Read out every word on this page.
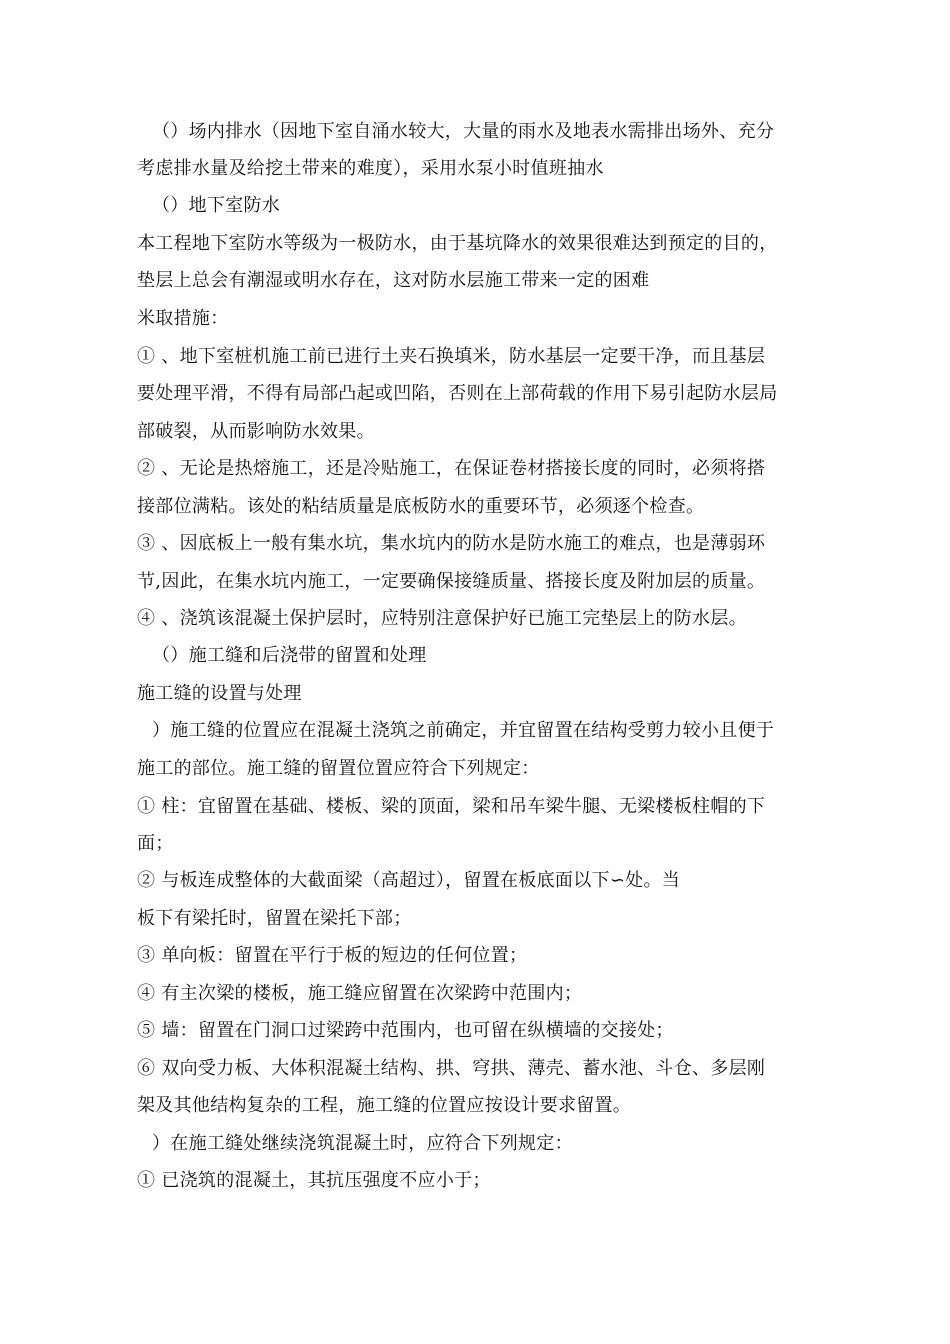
（）场内排水（因地下室自涌水较大，大量的雨水及地表水需排出场外、充分
考虑排水量及给挖土带来的难度），采用水泵小时值班抽水
（）地下室防水
本工程地下室防水等级为一极防水，由于基坑降水的效果很难达到预定的目的，
垫层上总会有潮湿或明水存在，这对防水层施工带来一定的困难
米取措施：
① 、地下室桩机施工前已进行土夹石换填米，防水基层一定要干净，而且基层
要处理平滑，不得有局部凸起或凹陷，否则在上部荷载的作用下易引起防水层局
部破裂，从而影响防水效果。
② 、无论是热熔施工，还是冷贴施工，在保证卷材搭接长度的同时，必须将搭
接部位满粘。该处的粘结质量是底板防水的重要环节，必须逐个检查。
③ 、因底板上一般有集水坑，集水坑内的防水是防水施工的难点，也是薄弱环
节,因此，在集水坑内施工，一定要确保接缝质量、搭接长度及附加层的质量。
④ 、浇筑该混凝土保护层时，应特别注意保护好已施工完垫层上的防水层。
（）施工缝和后浇带的留置和处理
施工缝的设置与处理
）施工缝的位置应在混凝土浇筑之前确定，并宜留置在结构受剪力较小且便于
施工的部位。施工缝的留置位置应符合下列规定：
① 柱：宜留置在基础、楼板、梁的顶面，梁和吊车梁牛腿、无梁楼板柱帽的下
面；
② 与板连成整体的大截面梁（高超过），留置在板底面以下∽处。当
板下有梁托时，留置在梁托下部；
③ 单向板：留置在平行于板的短边的任何位置；
④ 有主次梁的楼板，施工缝应留置在次梁跨中范围内；
⑤ 墙：留置在门洞口过梁跨中范围内，也可留在纵横墙的交接处；
⑥ 双向受力板、大体积混凝土结构、拱、穹拱、薄壳、蓄水池、斗仓、多层刚
架及其他结构复杂的工程，施工缝的位置应按设计要求留置。
）在施工缝处继续浇筑混凝土时，应符合下列规定：
① 已浇筑的混凝土，其抗压强度不应小于；
